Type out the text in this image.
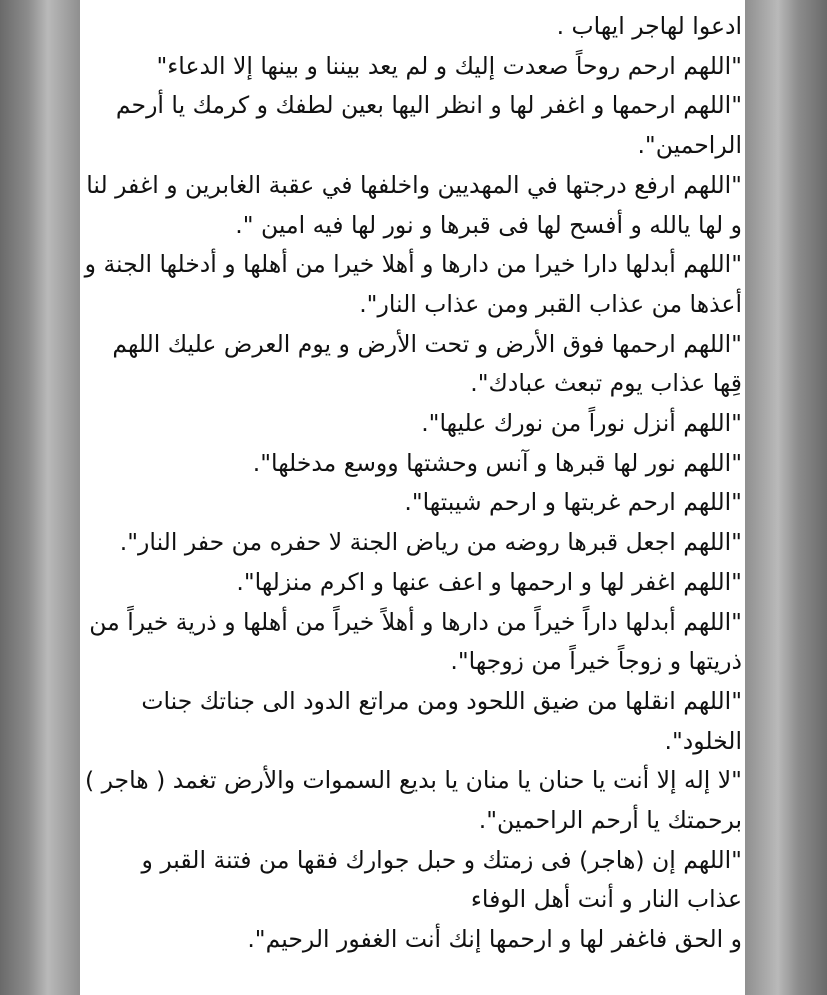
ادعوا لهاجر ايهاب .

"اللهم ارحم روحاً صعدت إليك و لم يعد بيننا و بينها إلا الدعاء"

"اللهم ارحمها و اغفر لها و انظر اليها بعين لطفك و كرمك يا أرحم الراحمين".

"اللهم ارفع درجتها في المهديين واخلفها في عقبة الغابرين و اغفر لنا و لها يالله و أفسح لها فى قبرها و نور لها فيه امين ".

"اللهم أبدلها دارا خيرا من دارها و أهلا خيرا من أهلها و أدخلها الجنة و أعذها من عذاب القبر ومن عذاب النار".

"اللهم ارحمها فوق الأرض و تحت الأرض و يوم العرض عليك اللهم قِها عذاب يوم تبعث عبادك".

"اللهم أنزل نوراً من نورك عليها".

"اللهم نور لها قبرها و آنس وحشتها ووسع مدخلها".

"اللهم ارحم غربتها و ارحم شيبتها".

"اللهم اجعل قبرها روضه من رياض الجنة لا حفره من حفر النار".

"اللهم اغفر لها و ارحمها و اعف عنها و اكرم منزلها".

"اللهم أبدلها داراً خيراً من دارها و أهلاً خيراً من أهلها و ذرية خيراً من ذريتها و زوجاً خيراً من زوجها".

"اللهم انقلها من ضيق اللحود ومن مراتع الدود الى جناتك جنات الخلود".

"لا إله إلا أنت يا حنان يا منان يا بديع السموات والأرض تغمد ( هاجر ) برحمتك يا أرحم الراحمين".

"اللهم إن (هاجر) فى زمتك و حبل جوارك فقها من فتنة القبر و عذاب النار و أنت أهل الوفاء

و الحق فاغفر لها و ارحمها إنك أنت الغفور الرحيم".
